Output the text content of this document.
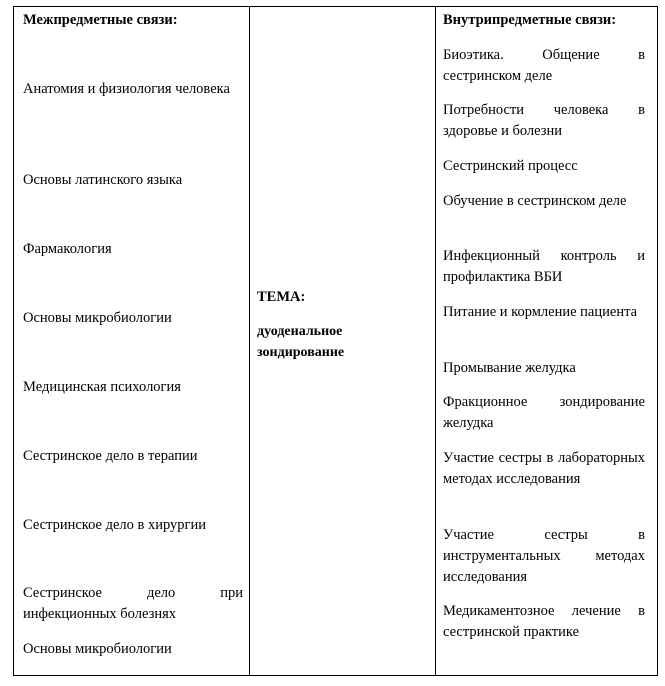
Межпредметные связи:
Анатомия и физиология человека
Основы латинского языка
Фармакология
Основы микробиологии
Медицинская психология
Сестринское дело в терапии
Сестринское дело в хирургии
Сестринское дело при инфекционных болезнях
Основы микробиологии
ТЕМА:
дуоденальное зондирование
Внутрипредметные связи:
Биоэтика. Общение в сестринском деле
Потребности человека в здоровье и болезни
Сестринский процесс
Обучение в сестринском деле
Инфекционный контроль и профилактика ВБИ
Питание и кормление пациента
Промывание желудка
Фракционное зондирование желудка
Участие сестры в лабораторных методах исследования
Участие сестры в инструментальных методах исследования
Медикаментозное лечение в сестринской практике
